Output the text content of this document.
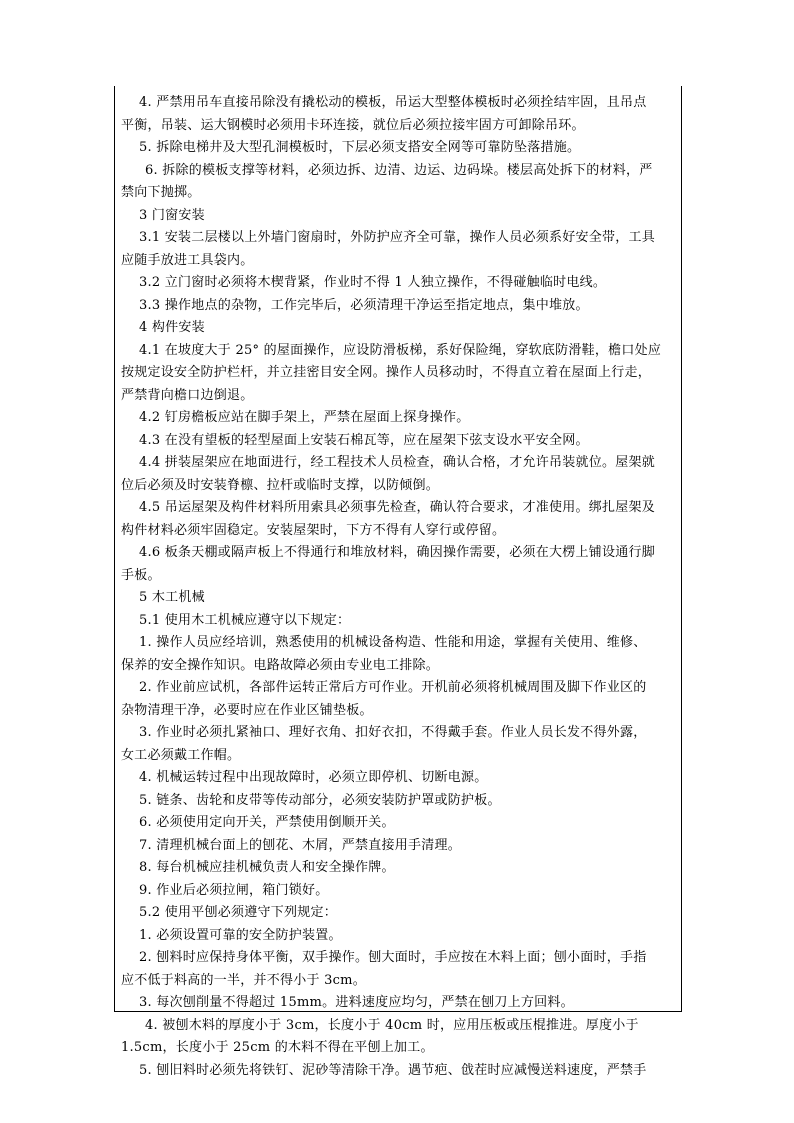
4. 严禁用吊车直接吊除没有撬松动的模板，吊运大型整体模板时必须拴结牢固，且吊点
平衡，吊装、运大钢模时必须用卡环连接，就位后必须拉接牢固方可卸除吊环。
5. 拆除电梯井及大型孔洞模板时，下层必须支搭安全网等可靠防坠落措施。
6. 拆除的模板支撑等材料，必须边拆、边清、边运、边码垛。楼层高处拆下的材料，严
禁向下抛掷。
3 门窗安装
3.1 安装二层楼以上外墙门窗扇时，外防护应齐全可靠，操作人员必须系好安全带，工具
应随手放进工具袋内。
3.2 立门窗时必须将木楔背紧，作业时不得 1 人独立操作，不得碰触临时电线。
3.3 操作地点的杂物，工作完毕后，必须清理干净运至指定地点，集中堆放。
4 构件安装
4.1 在坡度大于 25° 的屋面操作，应设防滑板梯，系好保险绳，穿软底防滑鞋，檐口处应
按规定设安全防护栏杆，并立挂密目安全网。操作人员移动时，不得直立着在屋面上行走，
严禁背向檐口边倒退。
4.2 钉房檐板应站在脚手架上，严禁在屋面上探身操作。
4.3 在没有望板的轻型屋面上安装石棉瓦等，应在屋架下弦支设水平安全网。
4.4 拼装屋架应在地面进行，经工程技术人员检查，确认合格，才允许吊装就位。屋架就
位后必须及时安装脊檩、拉杆或临时支撑，以防倾倒。
4.5 吊运屋架及构件材料所用索具必须事先检查，确认符合要求，才准使用。绑扎屋架及
构件材料必须牢固稳定。安装屋架时，下方不得有人穿行或停留。
4.6 板条天棚或隔声板上不得通行和堆放材料，确因操作需要，必须在大楞上铺设通行脚
手板。
5 木工机械
5.1 使用木工机械应遵守以下规定：
1. 操作人员应经培训，熟悉使用的机械设备构造、性能和用途，掌握有关使用、维修、
保养的安全操作知识。电路故障必须由专业电工排除。
2. 作业前应试机，各部件运转正常后方可作业。开机前必须将机械周围及脚下作业区的
杂物清理干净，必要时应在作业区铺垫板。
3. 作业时必须扎紧袖口、理好衣角、扣好衣扣，不得戴手套。作业人员长发不得外露，
女工必须戴工作帽。
4. 机械运转过程中出现故障时，必须立即停机、切断电源。
5. 链条、齿轮和皮带等传动部分，必须安装防护罩或防护板。
6. 必须使用定向开关，严禁使用倒顺开关。
7. 清理机械台面上的刨花、木屑，严禁直接用手清理。
8. 每台机械应挂机械负责人和安全操作牌。
9. 作业后必须拉闸，箱门锁好。
5.2 使用平刨必须遵守下列规定：
1. 必须设置可靠的安全防护装置。
2. 刨料时应保持身体平衡，双手操作。刨大面时，手应按在木料上面；刨小面时，手指
应不低于料高的一半，并不得小于 3cm。
3. 每次刨削量不得超过 15mm。进料速度应均匀，严禁在刨刀上方回料。
4. 被刨木料的厚度小于 3cm，长度小于 40cm 时，应用压板或压棍推进。厚度小于
1.5cm，长度小于 25cm 的木料不得在平刨上加工。
5. 刨旧料时必须先将铁钉、泥砂等清除干净。遇节疤、戗茬时应减慢送料速度，严禁手
